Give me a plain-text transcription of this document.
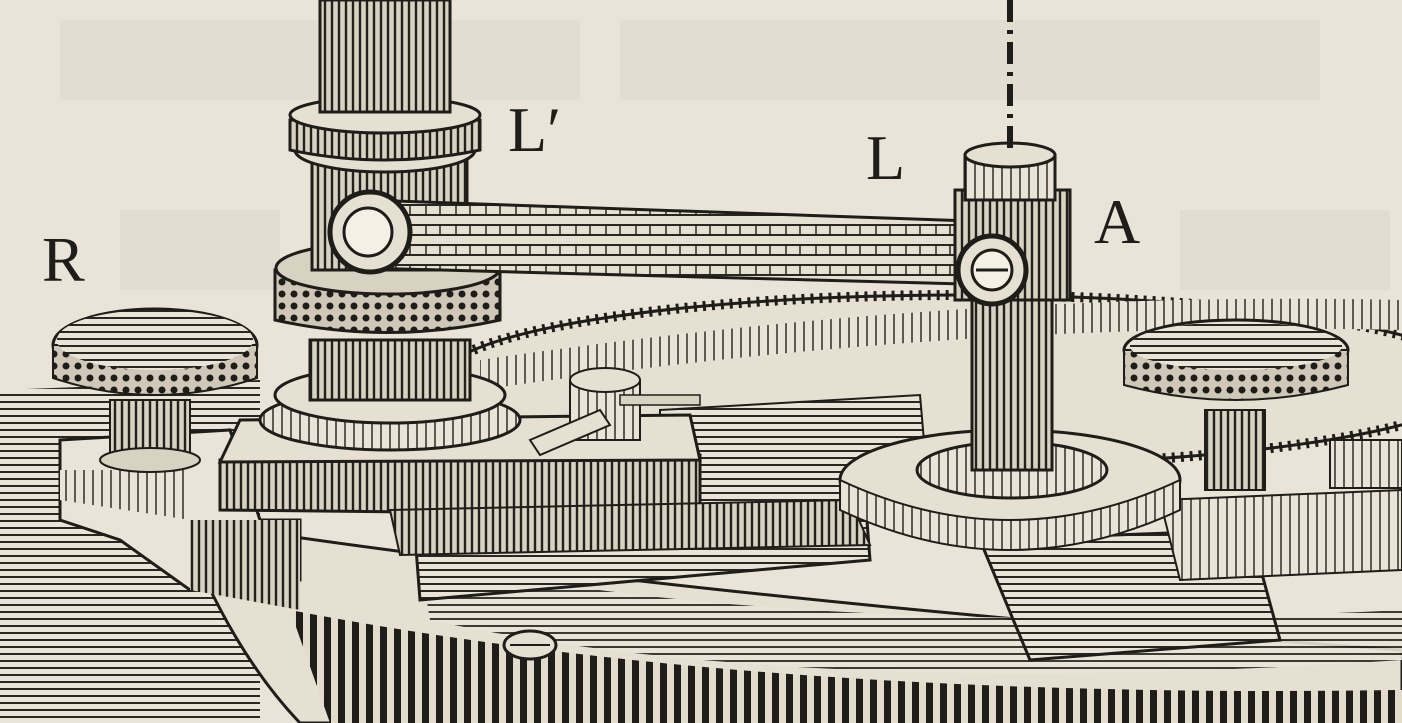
L′	L
R
A
